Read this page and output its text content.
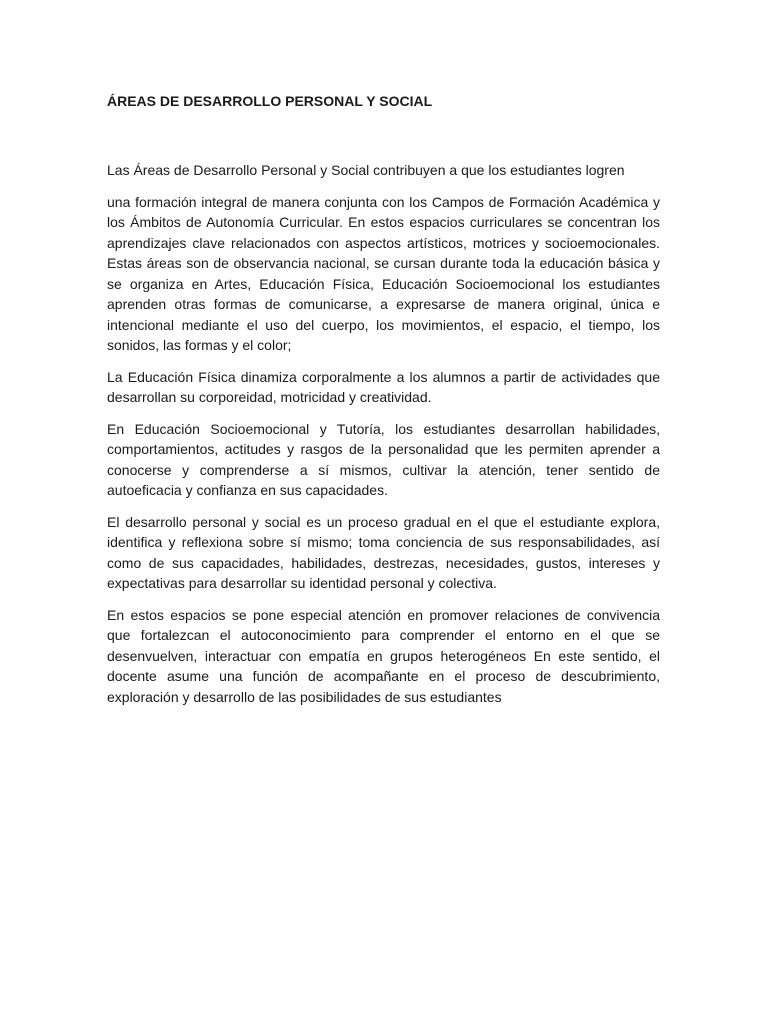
ÁREAS DE DESARROLLO PERSONAL Y SOCIAL

Las Áreas de Desarrollo Personal y Social contribuyen a que los estudiantes logren

una formación integral de manera conjunta con los Campos de Formación Académica y los Ámbitos de Autonomía Curricular. En estos espacios curriculares se concentran los aprendizajes clave relacionados con aspectos artísticos, motrices y socioemocionales. Estas áreas son de observancia nacional, se cursan durante toda la educación básica y se organiza en Artes, Educación Física, Educación Socioemocional los estudiantes aprenden otras formas de comunicarse, a expresarse de manera original, única e intencional mediante el uso del cuerpo, los movimientos, el espacio, el tiempo, los sonidos, las formas y el color;

La Educación Física dinamiza corporalmente a los alumnos a partir de actividades que desarrollan su corporeidad, motricidad y creatividad.

En Educación Socioemocional y Tutoría, los estudiantes desarrollan habilidades, comportamientos, actitudes y rasgos de la personalidad que les permiten aprender a conocerse y comprenderse a sí mismos, cultivar la atención, tener sentido de autoeficacia y confianza en sus capacidades.

El desarrollo personal y social es un proceso gradual en el que el estudiante explora, identifica y reflexiona sobre sí mismo; toma conciencia de sus responsabilidades, así como de sus capacidades, habilidades, destrezas, necesidades, gustos, intereses y expectativas para desarrollar su identidad personal y colectiva.

En estos espacios se pone especial atención en promover relaciones de convivencia que fortalezcan el autoconocimiento para comprender el entorno en el que se desenvuelven, interactuar con empatía en grupos heterogéneos En este sentido, el docente asume una función de acompañante en el proceso de descubrimiento, exploración y desarrollo de las posibilidades de sus estudiantes
